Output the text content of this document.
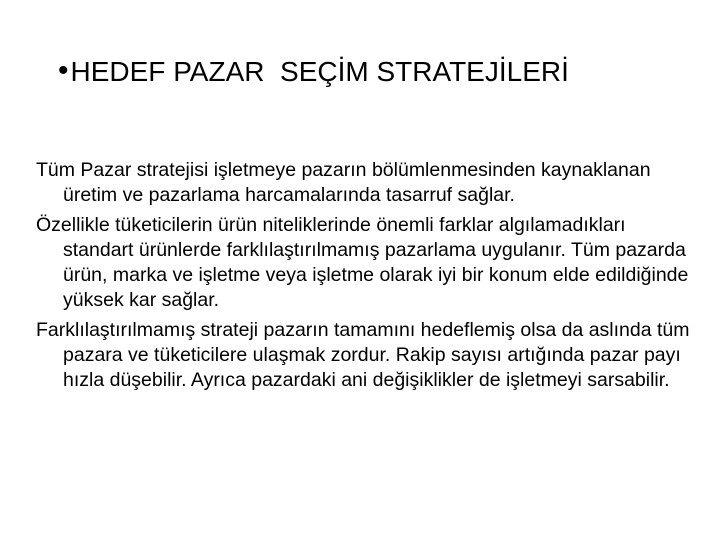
• HEDEF PAZAR  SEÇİM STRATEJİLERİ

Tüm Pazar stratejisi işletmeye pazarın bölümlenmesinden kaynaklanan üretim ve pazarlama harcamalarında tasarruf sağlar.

Özellikle tüketicilerin ürün niteliklerinde önemli farklar algılamadıkları standart ürünlerde farklılaştırılmamış pazarlama uygulanır. Tüm pazarda ürün, marka ve işletme veya işletme olarak iyi bir konum elde edildiğinde yüksek kar sağlar.

Farklılaştırılmamış strateji pazarın tamamını hedeflemiş olsa da aslında tüm pazara ve tüketicilere ulaşmak zordur. Rakip sayısı artığında pazar payı hızla düşebilir. Ayrıca pazardaki ani değişiklikler de işletmeyi sarsabilir.
